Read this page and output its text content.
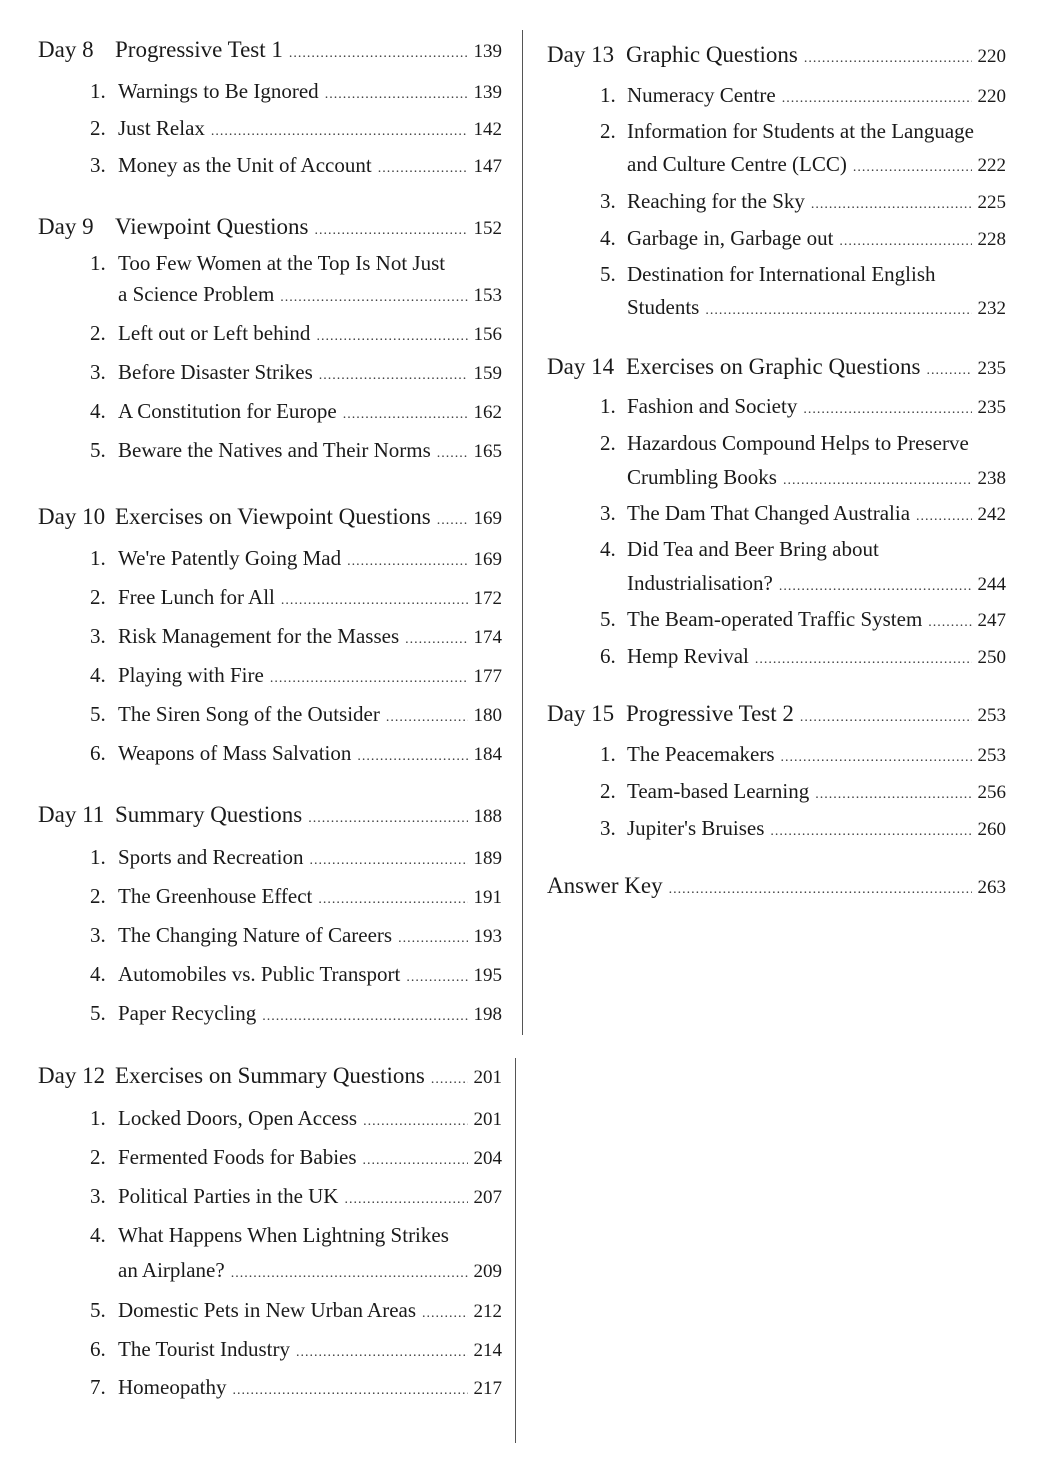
Day 8 Progressive Test 1 .....	139
1. Warnings to Be Ignored .....	139
2. Just Relax .....	142
3. Money as the Unit of Account .....	147
Day 9 Viewpoint Questions .....	152
1. Too Few Women at the Top Is Not Just
a Science Problem .....	153
2. Left out or Left behind .....	156
3. Before Disaster Strikes .....	159
4. A Constitution for Europe .....	162
5. Beware the Natives and Their Norms ..... 165
Day 10 Exercises on Viewpoint Questions ..... 169
1. We're Patently Going Mad .....	169
2. Free Lunch for All .....	172
3. Risk Management for the Masses .....	174
4. Playing with Fire .....	177
5. The Siren Song of the Outsider .....	180
6. Weapons of Mass Salvation .....	184
Day 11 Summary Questions .....	188
1. Sports and Recreation .....	189
2. The Greenhouse Effect .....	191
3. The Changing Nature of Careers .....	193
4. Automobiles vs. Public Transport .....	195
5. Paper Recycling .....	198
Day 12 Exercises on Summary Questions .....	201
1. Locked Doors, Open Access .....	201
2. Fermented Foods for Babies .....	204
3. Political Parties in the UK .....	207
4. What Happens When Lightning Strikes
an Airplane? .....	209
5. Domestic Pets in New Urban Areas .....	212
6. The Tourist Industry .....	214
7. Homeopathy .....	217
Day 13 Graphic Questions .....	220
1. Numeracy Centre .....	220
2. Information for Students at the Language
and Culture Centre (LCC) .....	222
3. Reaching for the Sky .....	225
4. Garbage in, Garbage out .....	228
5. Destination for International English
Students .....	232
Day 14 Exercises on Graphic Questions .....	235
1. Fashion and Society .....	235
2. Hazardous Compound Helps to Preserve
Crumbling Books .....	238
3. The Dam That Changed Australia .....	242
4. Did Tea and Beer Bring about
Industrialisation? .....	244
5. The Beam-operated Traffic System .....	247
6. Hemp Revival .....	250
Day 15 Progressive Test 2 .....	253
1. The Peacemakers .....	253
2. Team-based Learning .....	256
3. Jupiter's Bruises .....	260
Answer Key .....	263
